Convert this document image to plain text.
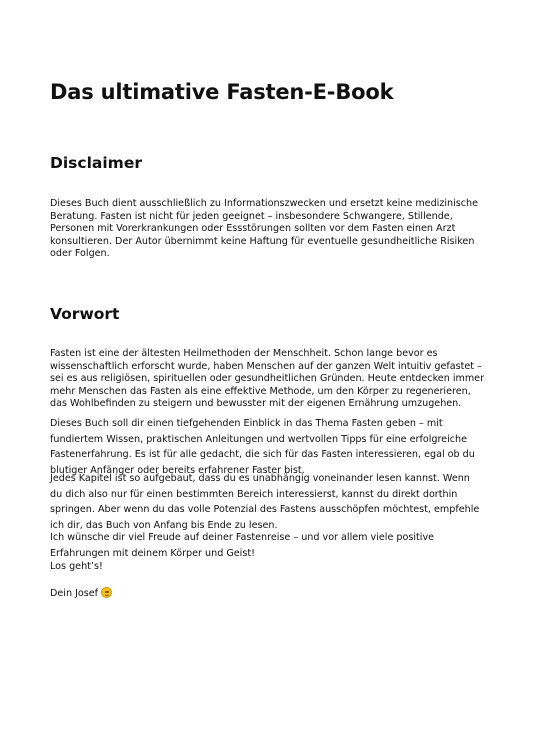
Das ultimative Fasten-E-Book
Disclaimer

Dieses Buch dient ausschließlich zu Informationszwecken und ersetzt keine medizinische
Beratung. Fasten ist nicht für jeden geeignet – insbesondere Schwangere, Stillende,
Personen mit Vorerkrankungen oder Essstörungen sollten vor dem Fasten einen Arzt
konsultieren. Der Autor übernimmt keine Haftung für eventuelle gesundheitliche Risiken
oder Folgen.

Vorwort

Fasten ist eine der ältesten Heilmethoden der Menschheit. Schon lange bevor es
wissenschaftlich erforscht wurde, haben Menschen auf der ganzen Welt intuitiv gefastet –
sei es aus religiösen, spirituellen oder gesundheitlichen Gründen. Heute entdecken immer
mehr Menschen das Fasten als eine effektive Methode, um den Körper zu regenerieren,
das Wohlbefinden zu steigern und bewusster mit der eigenen Ernährung umzugehen.

Dieses Buch soll dir einen tiefgehenden Einblick in das Thema Fasten geben – mit
fundiertem Wissen, praktischen Anleitungen und wertvollen Tipps für eine erfolgreiche
Fastenerfahrung. Es ist für alle gedacht, die sich für das Fasten interessieren, egal ob du
blutiger Anfänger oder bereits erfahrener Faster bist.

Jedes Kapitel ist so aufgebaut, dass du es unabhängig voneinander lesen kannst. Wenn
du dich also nur für einen bestimmten Bereich interessierst, kannst du direkt dorthin
springen. Aber wenn du das volle Potenzial des Fastens ausschöpfen möchtest, empfehle
ich dir, das Buch von Anfang bis Ende zu lesen.

Ich wünsche dir viel Freude auf deiner Fastenreise – und vor allem viele positive
Erfahrungen mit deinem Körper und Geist!

Los geht’s!

Dein Josef
